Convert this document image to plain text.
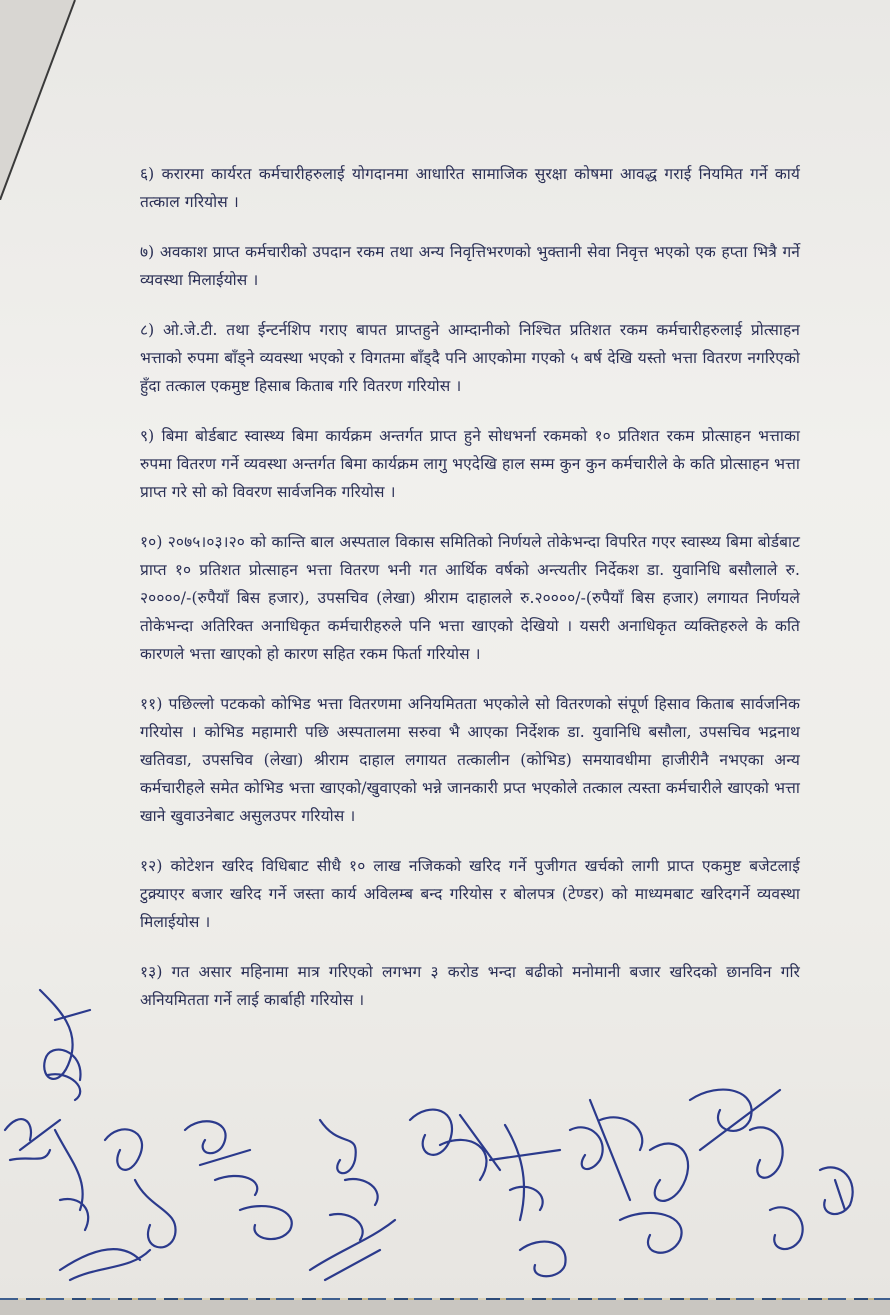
६) करारमा कार्यरत कर्मचारीहरुलाई योगदानमा आधारित सामाजिक सुरक्षा कोषमा आवद्ध गराई नियमित गर्ने कार्य तत्काल गरियोस ।

७) अवकाश प्राप्त कर्मचारीको उपदान रकम तथा अन्य निवृत्तिभरणको भुक्तानी सेवा निवृत्त भएको एक हप्ता भित्रै गर्ने व्यवस्था मिलाईयोस ।

८) ओ.जे.टी. तथा ईन्टर्नशिप गराए बापत प्राप्तहुने आम्दानीको निश्चित प्रतिशत रकम कर्मचारीहरुलाई प्रोत्साहन भत्ताको रुपमा बाँड्ने व्यवस्था भएको र विगतमा बाँड्दै पनि आएकोमा गएको ५ बर्ष देखि यस्तो भत्ता वितरण नगरिएको हुँदा तत्काल एकमुष्ट हिसाब किताब गरि वितरण गरियोस ।

९) बिमा बोर्डबाट स्वास्थ्य बिमा कार्यक्रम अन्तर्गत प्राप्त हुने सोधभर्ना रकमको १० प्रतिशत रकम प्रोत्साहन भत्ताका रुपमा वितरण गर्ने व्यवस्था अन्तर्गत बिमा कार्यक्रम लागु भएदेखि हाल सम्म कुन कुन कर्मचारीले के कति प्रोत्साहन भत्ता प्राप्त गरे सो को विवरण सार्वजनिक गरियोस ।

१०) २०७५।०३।२० को कान्ति बाल अस्पताल विकास समितिको निर्णयले तोकेभन्दा विपरित गएर स्वास्थ्य बिमा बोर्डबाट प्राप्त १० प्रतिशत प्रोत्साहन भत्ता वितरण भनी गत आर्थिक वर्षको अन्त्यतीर निर्देकश डा. युवानिधि बसौलाले रु. २००००/-(रुपैयाँ बिस हजार), उपसचिव (लेखा) श्रीराम दाहालले रु.२००००/-(रुपैयाँ बिस हजार) लगायत निर्णयले तोकेभन्दा अतिरिक्त अनाधिकृत कर्मचारीहरुले पनि भत्ता खाएको देखियो । यसरी अनाधिकृत व्यक्तिहरुले के कति कारणले भत्ता खाएको हो कारण सहित रकम फिर्ता गरियोस ।

११) पछिल्लो पटकको कोभिड भत्ता वितरणमा अनियमितता भएकोले सो वितरणको संपूर्ण हिसाव किताब सार्वजनिक गरियोस । कोभिड महामारी पछि अस्पतालमा सरुवा भै आएका निर्देशक डा. युवानिधि बसौला, उपसचिव भद्रनाथ खतिवडा, उपसचिव (लेखा) श्रीराम दाहाल लगायत तत्कालीन (कोभिड) समयावधीमा हाजीरीनै नभएका अन्य कर्मचारीहले समेत कोभिड भत्ता खाएको/खुवाएको भन्ने जानकारी प्रप्त भएकोले तत्काल त्यस्ता कर्मचारीले खाएको भत्ता खाने खुवाउनेबाट असुलउपर गरियोस ।

१२) कोटेशन खरिद विधिबाट सीधै १० लाख नजिकको खरिद गर्ने पुजीगत खर्चको लागी प्राप्त एकमुष्ट बजेटलाई टुक्र्याएर बजार खरिद गर्ने जस्ता कार्य अविलम्ब बन्द गरियोस र बोलपत्र (टेण्डर) को माध्यमबाट खरिदगर्ने व्यवस्था मिलाईयोस ।

१३) गत असार महिनामा मात्र गरिएको लगभग ३ करोड भन्दा बढीको मनोमानी बजार खरिदको छानविन गरि अनियमितता गर्ने लाई कार्बाही गरियोस ।
